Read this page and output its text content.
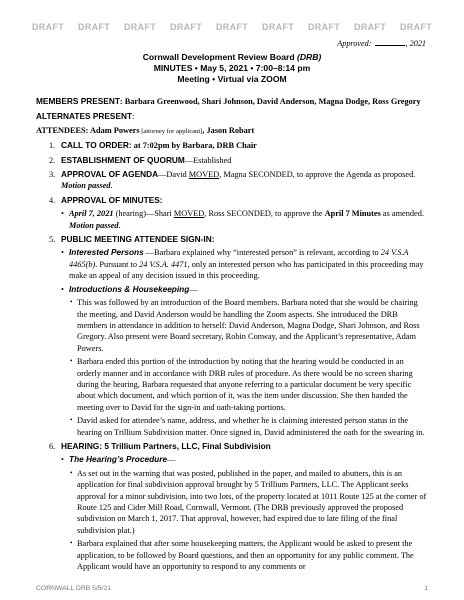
DRAFT DRAFT DRAFT DRAFT DRAFT DRAFT DRAFT DRAFT DRAFT
Approved:	, 2021
Cornwall Development Review Board (DRB)
MINUTES • May 5, 2021 • 7:00–8:14 pm
Meeting • Virtual via ZOOM

MEMBERS PRESENT: Barbara Greenwood, Shari Johnson, David Anderson, Magna Dodge, Ross Gregory

ALTERNATES PRESENT:

ATTENDEES: Adam Powers [attorney for applicant], Jason Robart

1. CALL TO ORDER: at 7:02pm by Barbara, DRB Chair
2. ESTABLISHMENT OF QUORUM—Established
3. APPROVAL OF AGENDA—David MOVED, Magna SECONDED, to approve the Agenda as proposed. Motion passed.
4. APPROVAL OF MINUTES:
• April 7, 2021 (hearing)—Shari MOVED, Ross SECONDED, to approve the April 7 Minutes as amended. Motion passed.
5. PUBLIC MEETING ATTENDEE SIGN-IN:
• Interested Persons —Barbara explained why “interested person” is relevant, according to 24 V.S.A 4465(b). Pursuant to 24 V.S.A. 4471, only an interested person who has participated in this proceeding may make an appeal of any decision issued in this proceeding.
• Introductions & Housekeeping—
• This was followed by an introduction of the Board members. Barbara noted that she would be chairing the meeting, and David Anderson would be handling the Zoom aspects. She introduced the DRB members in attendance in addition to herself: David Anderson, Magna Dodge, Shari Johnson, and Ross Gregory. Also present were Board secretary, Robin Conway, and the Applicant’s representative, Adam Powers.
• Barbara ended this portion of the introduction by noting that the hearing would be conducted in an orderly manner and in accordance with DRB rules of procedure. As there would be no screen sharing during the hearing, Barbara requested that anyone referring to a particular document be very specific about which document, and which portion of it, was the item under discussion. She then handed the meeting over to David for the sign-in and oath-taking portions.
• David asked for attendee’s name, address, and whether he is claiming interested person status in the hearing on Trillium Subdivision matter. Once signed in, David administered the oath for the swearing in.
6. HEARING: 5 Trillium Partners, LLC, Final Subdivision
• The Hearing’s Procedure—
• As set out in the warning that was posted, published in the paper, and mailed to abutters, this is an application for final subdivision approval brought by 5 Trillium Partners, LLC. The Applicant seeks approval for a minor subdivision, into two lots, of the property located at 1011 Route 125 at the corner of Route 125 and Cider Mill Road, Cornwall, Vermont. (The DRB previously approved the proposed subdivision on March 1, 2017. That approval, however, had expired due to late filing of the final subdivision plat.)
• Barbara explained that after some housekeeping matters, the Applicant would be asked to present the application, to be followed by Board questions, and then an opportunity for any public comment. The Applicant would have an opportunity to respond to any comments or
CORNWALL DRB 5/5/21	1
